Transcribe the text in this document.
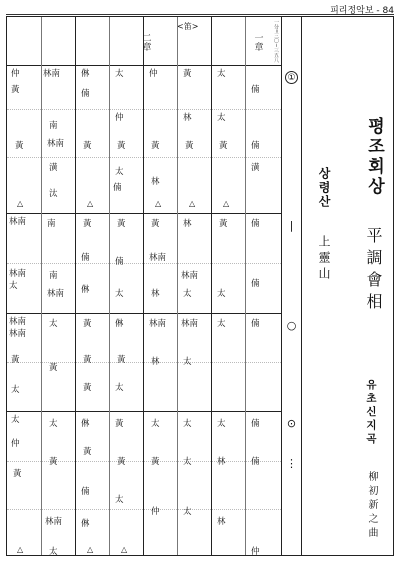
피리정악보 - 84
<笛>
二章
一章 一分=三〇~三五八
仲
黃
黃
△
林南
林南
太
林南
林南
黃
太
太
仲
黃
△
林南
南
林南
潢
汰
南
南
林南
太
黃
太
黃
林南
太
㑣
㑲
黃
△
黃
㑲
㑣
黃
黃
黃
㑣
黃
㑲
㑣
△
太
仲
黃
太
㑲
黃
㑲
太
㑣
黃
太
黃
黃
太
△
仲
黃
林
△
黃
林南
林
林南
林
太
黃
仲
黃
林
黃
△
林
林南
太
林南
太
太
太
太
太
太
黃
△
黃
太
太
太
林
林
㑲
㑲
潢
㑲
㑲
㑲
㑲
㑲
仲
①
|
○
⊙
⋮
평조회상
平調會相
상령산
上靈山
유초신지곡
柳初新之曲
